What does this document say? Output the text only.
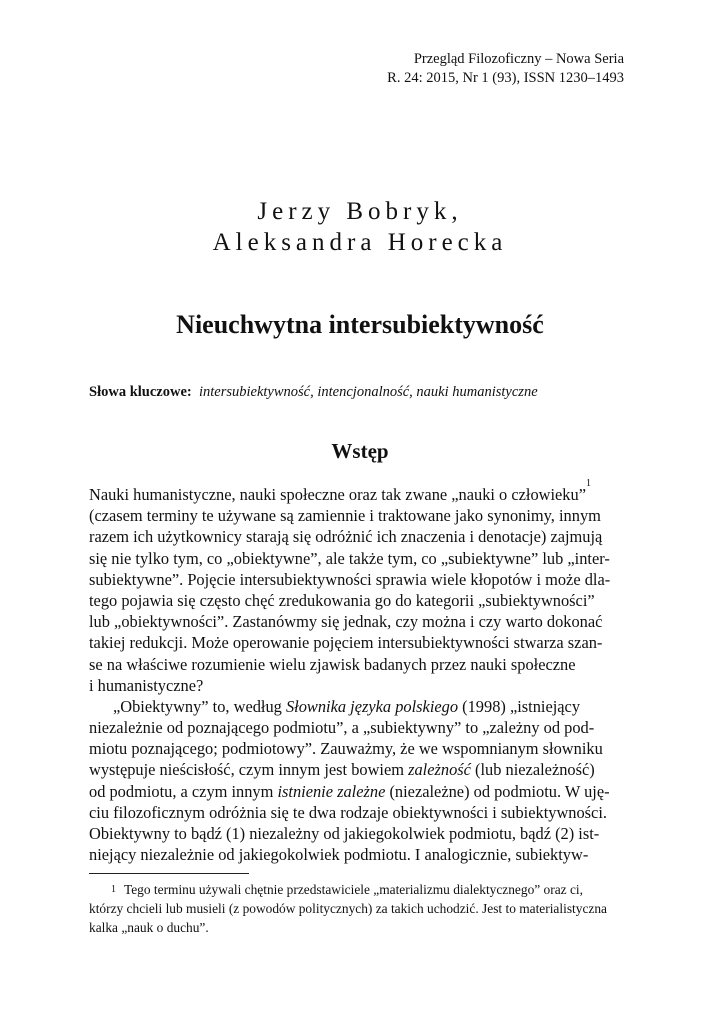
Przegląd Filozoficzny – Nowa Seria
R. 24: 2015, Nr 1 (93), ISSN 1230–1493
Jerzy Bobryk,
Aleksandra Horecka
Nieuchwytna intersubiektywność
Słowa kluczowe: intersubiektywność, intencjonalność, nauki humanistyczne
Wstęp
Nauki humanistyczne, nauki społeczne oraz tak zwane „nauki o człowieku”
1
(czasem terminy te używane są zamiennie i traktowane jako synonimy, innym
razem ich użytkownicy starają się odróżnić ich znaczenia i denotacje) zajmują
się nie tylko tym, co „obiektywne”, ale także tym, co „subiektywne” lub „inter-
subiektywne”. Pojęcie intersubiektywności sprawia wiele kłopotów i może dla-
tego pojawia się często chęć zredukowania go do kategorii „subiektywności”
lub „obiektywności”. Zastanówmy się jednak, czy można i czy warto dokonać
takiej redukcji. Może operowanie pojęciem intersubiektywności stwarza szan-
se na właściwe rozumienie wielu zjawisk badanych przez nauki społeczne
i humanistyczne?
„Obiektywny” to, według Słownika języka polskiego (1998) „istniejący
niezależnie od poznającego podmiotu”, a „subiektywny” to „zależny od pod-
miotu poznającego; podmiotowy”. Zauważmy, że we wspomnianym słowniku
występuje nieścisłość, czym innym jest bowiem zależność (lub niezależność)
od podmiotu, a czym innym istnienie zależne (niezależne) od podmiotu. W uję-
ciu filozoficznym odróżnia się te dwa rodzaje obiektywności i subiektywności.
Obiektywny to bądź (1) niezależny od jakiegokolwiek podmiotu, bądź (2) ist-
niejący niezależnie od jakiegokolwiek podmiotu. I analogicznie, subiektyw-
1 Tego terminu używali chętnie przedstawiciele „materializmu dialektycznego” oraz ci,
którzy chcieli lub musieli (z powodów politycznych) za takich uchodzić. Jest to materialistyczna
kalka „nauk o duchu”.
